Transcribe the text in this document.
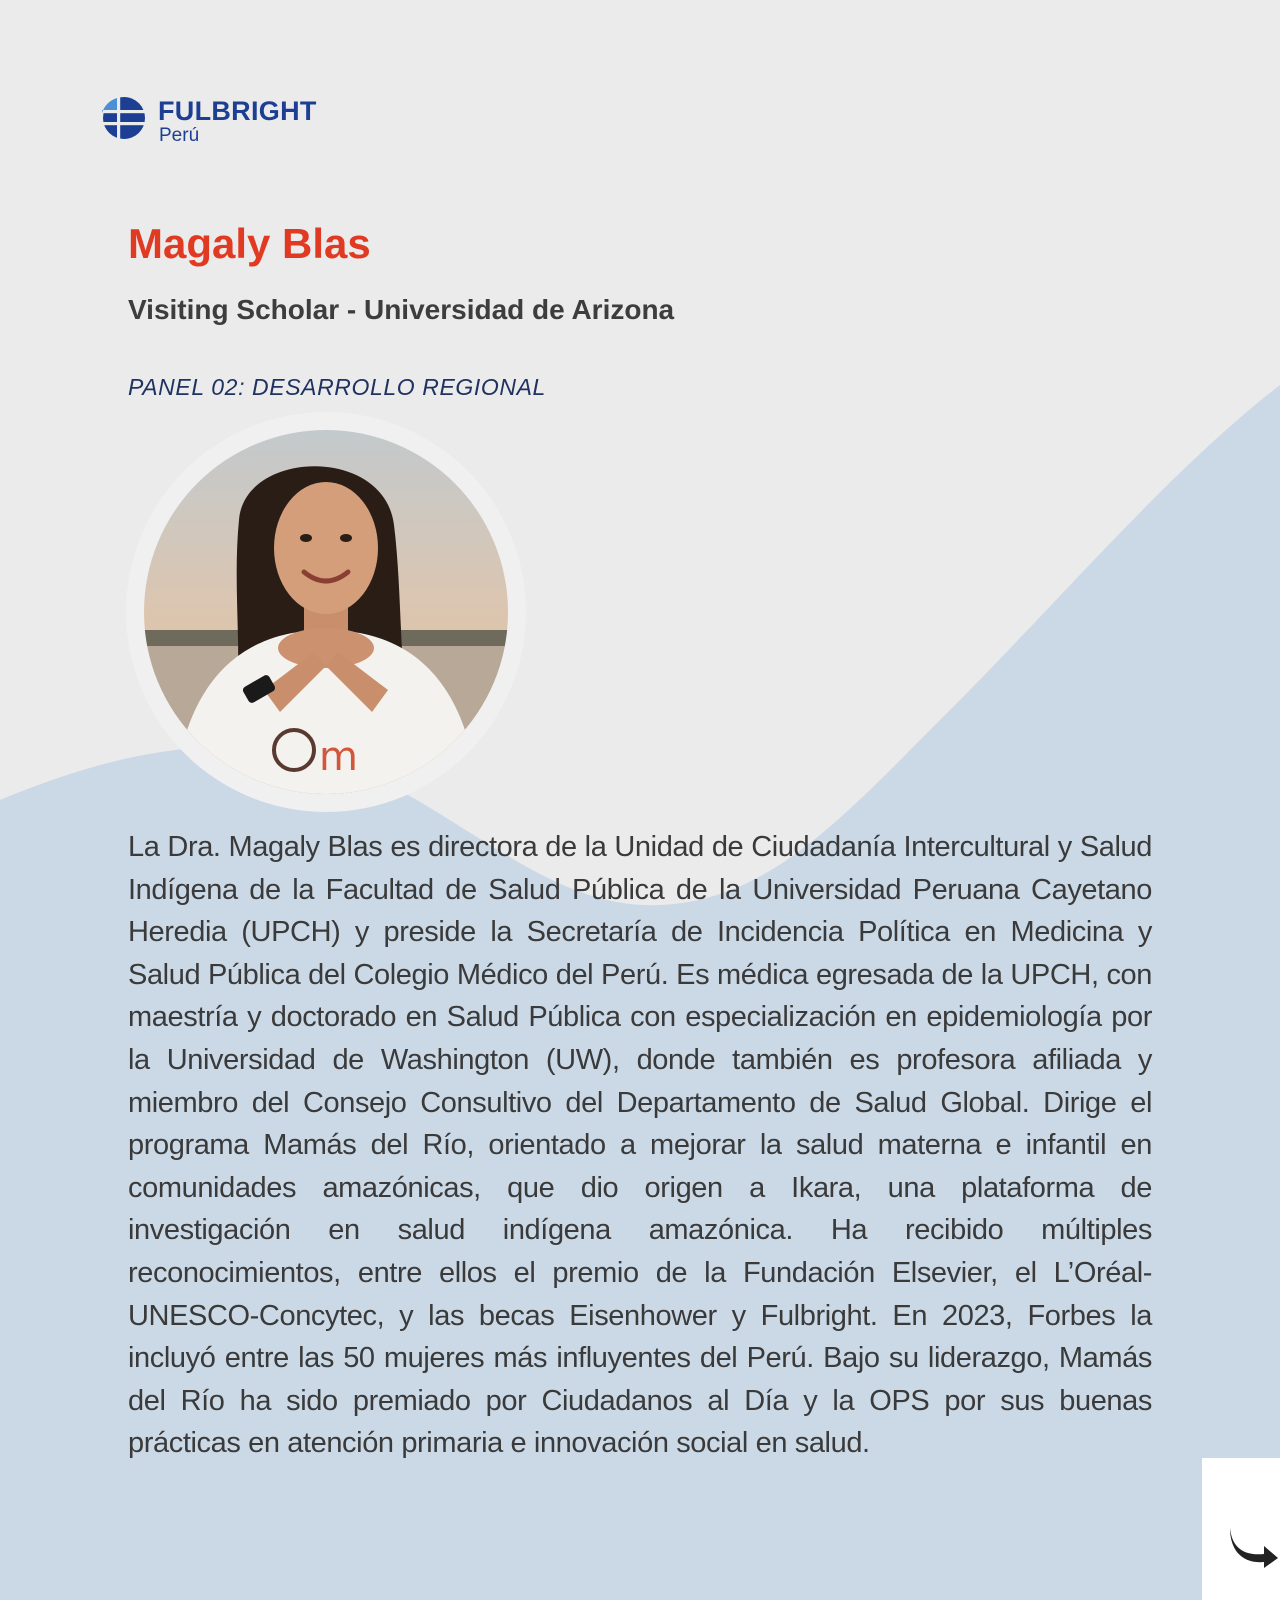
FULBRIGHT
Perú
Magaly Blas
Visiting Scholar - Universidad de Arizona

PANEL 02: DESARROLLO REGIONAL

m

La Dra. Magaly Blas es directora de la Unidad de Ciudadanía Intercultural y Salud Indígena de la Facultad de Salud Pública de la Universidad Peruana Cayetano Heredia (UPCH) y preside la Secretaría de Incidencia Política en Medicina y Salud Pública del Colegio Médico del Perú. Es médica egresada de la UPCH, con maestría y doctorado en Salud Pública con especialización en epidemiología por la Universidad de Washington (UW), donde también es profesora afiliada y miembro del Consejo Consultivo del Departamento de Salud Global. Dirige el programa Mamás del Río, orientado a mejorar la salud materna e infantil en comunidades amazónicas, que dio origen a Ikara, una plataforma de investigación en salud indígena amazónica. Ha recibido múltiples reconocimientos, entre ellos el premio de la Fundación Elsevier, el L’Oréal-UNESCO-Concytec, y las becas Eisenhower y Fulbright. En 2023, Forbes la incluyó entre las 50 mujeres más influyentes del Perú. Bajo su liderazgo, Mamás del Río ha sido premiado por Ciudadanos al Día y la OPS por sus buenas prácticas en atención primaria e innovación social en salud.
